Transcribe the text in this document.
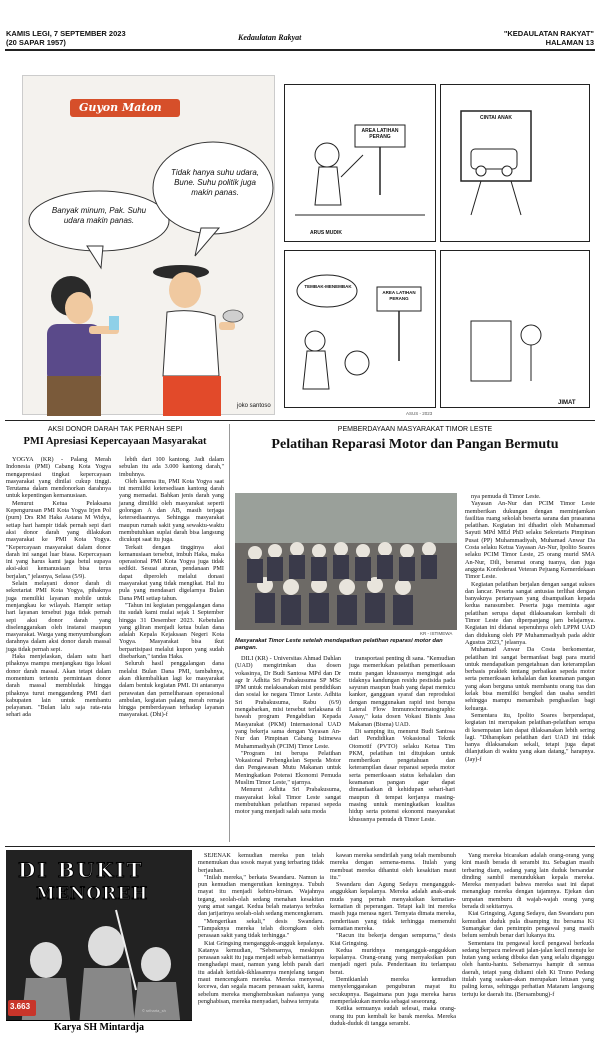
KAMIS LEGI, 7 SEPTEMBER 2023
(20 SAPAR 1957)
Kedaulatan Rakyat	"KEDAULATAN RAKYAT"
HALAMAN 13
Guyon Maton
Banyak minum, Pak. Suhu udara makin panas.
Tidak hanya suhu udara, Bune. Suhu politik juga makin panas.
joko santoso
AREA LATIHAN PERANG
CINTAI ANAK
TEMBAK-MENEMBAK
AREA LATIHAN PERANG
ARUS MUDIK
JIMAT
ASUS - 2023
AKSI DONOR DARAH TAK PERNAH SEPI
PMI Apresiasi Kepercayaan Masyarakat

YOGYA (KR) - Palang Merah Indonesia (PMI) Cabang Kota Yogya mengapresiasi tingkat kepercayaan masyarakat yang dinilai cukup tinggi. Terutama dalam mendonorkan darahnya untuk kepentingan kemanusiaan.

Menurut Ketua Pelaksana Kepengurusan PMI Kota Yogya Irjen Pol (purn) Drs RM Haka Astana M Widya, setiap hari hampir tidak pernah sepi dari aksi donor darah yang dilakukan masyarakat ke PMI Kota Yogya. "Kepercayaan masyarakat dalam donor darah ini sangat luar biasa. Kepercayaan ini yang harus kami jaga betul supaya aksi-aksi kemanusiaan bisa terus berjalan," jelasnya, Selasa (5/9).

Selain melayani donor darah di sekretariat PMI Kota Yogya, pihaknya juga memiliki layanan mobile untuk menjangkau ke wilayah. Hampir setiap hari layanan tersebut juga tidak pernah sepi aksi donor darah yang diselenggarakan oleh instansi maupun masyarakat. Warga yang menyumbangkan darahnya dalam aksi donor darah massal juga tidak pernah sepi.

Haka menjelaskan, dalam satu hari pihaknya mampu menjangkau tiga lokasi donor darah massal. Akan tetapi dalam momentum tertentu permintaan donor darah massal membludak hingga pihaknya turut menggandeng PMI dari kabupaten lain untuk membantu pelayanan. "Bulan lalu saja rata-rata sehari ada

lebih dari 100 kantong. Jadi dalam sebulan itu ada 3.000 kantong darah," imbuhnya.

Oleh karena itu, PMI Kota Yogya saat ini memiliki ketersediaan kantong darah yang memadai. Bahkan jenis darah yang jarang dimiliki oleh masyarakat seperti golongan A dan AB, masih terjaga ketersediaannya. Sehingga masyarakat maupun rumah sakit yang sewaktu-waktu membutuhkan suplai darah bisa langsung dicukupi saat itu juga.

Terkait dengan tingginya aksi kemanusiaan tersebut, imbuh Haka, maka operasional PMI Kota Yogya juga tidak sedikit. Sesuai aturan, pendanaan PMI dapat diperoleh melalui donasi masyarakat yang tidak mengikat. Hal itu pula yang mendasari digelarnya Bulan Dana PMI setiap tahun.

"Tahun ini kegiatan penggalangan dana itu sudah kami mulai sejak 1 September hingga 31 Desember 2023. Kebetulan yang giliran menjadi ketua bulan dana adalah Kepala Kejaksaan Negeri Kota Yogya. Masyarakat bisa ikut berpartisipasi melalui kupon yang sudah disebarkan," tandas Haka.

Seluruh hasil penggalangan dana melalui Bulan Dana PMI, tambahnya, akan dikembalikan lagi ke masyarakat dalam bentuk kegiatan PMI. Di antaranya perawatan dan pemeliharaan operasional ambulan, kegiatan palang merah remaja hingga pemberdayaan terhadap layanan masyarakat. (Dhi)-f

PEMBERDAYAAN MASYARAKAT TIMOR LESTE
Pelatihan Reparasi Motor dan Pangan Bermutu
KR - ISTIMEWA
Masyarakat Timor Leste setelah mendapatkan pelatihan reparasi motor dan pangan.

DILI (KR) - Universitas Ahmad Dahlan (UAD) mengirimkan dua dosen vokasinya, Dr Budi Santosa MPd dan Dr agr Ir Adhita Sri Prabakusuma SP MSc IPM untuk melaksanakan misi pendidikan dan sosial ke negara Timor Leste. Adhita Sri Prabakusuma, Rabu (6/9) mengabarkan, misi tersebut terlaksana di bawah program Pengabdian Kepada Masyarakat (PKM) Internasional UAD yang bekerja sama dengan Yayasan An-Nur dan Pimpinan Cabang Istimewa Muhammadiyah (PCIM) Timor Leste.

"Program ini berupa Pelatihan Vokasional Perbengkelan Sepeda Motor dan Pengawasan Mutu Makanan untuk Meningkatkan Potensi Ekonomi Pemuda Muslim Timor Leste," ujarnya.

Menurut Adhita Sri Prabakusuma, masyarakat lokal Timor Leste sangat membutuhkan pelatihan reparasi sepeda motor yang menjadi salah satu moda

transportasi penting di sana. "Kemudian juga memerlukan pelatihan pemeriksaan mutu pangan khususnya mengingat ada tidaknya kandungan residu pestisida pada sayuran maupun buah yang dapat memicu kanker, gangguan syaraf dan reproduksi dengan menggunakan rapid test berupa Lateral Flow Immunochromatographic Assay," kata dosen Vokasi Bisnis Jasa Makanan (Bisma) UAD.

Di samping itu, menurut Budi Santosa dari Pendidikan Vokasional Teknik Otomotif (PVTO) selaku Ketua Tim PKM, pelatihan ini ditujukan untuk memberikan pengetahuan dan keterampilan dasar reparasi sepeda motor serta pemeriksaan status kehalalan dan keamanan pangan agar dapat dimanfaatkan di kehidupan sehari-hari maupun di tempat kerjanya masing-masing untuk meningkatkan kualitas hidup serta potensi ekonomi masyarakat khususnya pemuda di Timor Leste.

nya pemuda di Timor Leste.

Yayasan An-Nur dan PCIM Timor Leste memberikan dukungan dengan meminjamkan fasilitas ruang sekolah beserta sarana dan prasarana pelatihan. Kegiatan ini dihadiri oleh Muhammad Sayuti MPd MEd PhD selaku Sekretaris Pimpinan Pusat (PP) Muhammadiyah, Muhamad Anwar Da Costa selaku Ketua Yayasan An-Nur, Ipolito Soares selaku PCIM Timor Leste, 25 orang murid SMA An-Nur, Dili, beramai orang tuanya, dan juga anggota Konfederasi Veteran Pejuang Kemerdekaan Timor Leste.

Kegiatan pelatihan berjalan dengan sangat sukses dan lancar. Peserta sangat antusias terlihat dengan banyaknya pertanyaan yang disampaikan kepada kedua narasumber. Peserta juga meminta agar pelatihan serupa dapat dilaksanakan kembali di Timor Leste dan diperpanjang jam belajarnya. Kegiatan ini didanai sepenuhnya oleh LPPM UAD dan didukung oleh PP Muhammadiyah pada akhir Agustus 2023," jelasnya.

Muhamad Anwar Da Costa berkomentar, pelatihan ini sangat bermanfaat bagi para murid untuk mendapatkan pengetahuan dan keterampilan berbasis praktek tentang perbaikan sepeda motor serta pemeriksaan kehalalan dan keamanan pangan yang akan berguna untuk membantu orang tua dan kelak bisa memiliki bengkel dan usaha sendiri sehingga mampu menambah penghasilan bagi keluarga.

Sementara itu, Ipolito Soares berpendapat, kegiatan ini merupakan pelatihan-pelatihan serupa di kesempatan lain dapat dilaksanakan lebih sering lagi. "Diharapkan pelatihan dari UAD ini tidak hanya dilaksanakan sekali, tetapi juga dapat dilanjutkan di waktu yang akan datang," harapnya. (Jay)-f

DI BUKIT
MENOREH
3.663	© sriharta_sh
Karya SH Mintardja

SEJENAK kemudian mereka pun telah menemukan dua sosok mayat yang terbaring tidak berjauhan.

"Inilah mereka," berkata Swandaru. Namun ia pun kemudian mengerutkan keningnya. Tubuh mayat itu menjadi kebiru-biruan. Wajahnya tegang, seolah-olah sedang menahan kesakitan yang amat sangat. Kedua belah matanya terbuka dan jarijarinya seolah-olah sedang mencengkeram.

"Mengerikan sekali," desis Swandaru. "Tampaknya mereka telah dicengkam oleh perasaan sakit yang tidak terhingga."

Kiai Gringsing mengangguk-angguk kepalanya. Katanya kemudian, "Sebenarnya, meskipun perasaan sakit itu juga menjadi sebab kematiannya menghadapi maut, namun yang lebih parah dari itu adalah ketidak-ikhlasannya menjelang tangan maut mencengkam mereka. Mereka menyesal, kecewa, dan segala macam perasaan sakit, karena sebelum mereka menghembuskan nafasnya yang penghabisan, mereka menyadari, bahwa ternyata

kawan mereka sendirilah yang telah membunuh mereka dengan semena-mena. Itulah yang membuat mereka dihantui oleh kesakitan maut itu."

Swandaru dan Agung Sedayu mengangguk-anggukkan kepalanya. Mereka adalah anak-anak muda yang pernah menyaksikan kematian-kematian di peperangan. Tetapi kali ini mereka masih juga merasa ngeri. Ternyata dimata mereka, penderitaan yang tidak terhingga memenuhi kematian mereka.

"Racun itu bekerja dengan sempurna," desis Kiai Gringsing.

Kedua muridnya mengangguk-anggukkan kepalanya. Orang-orang yang menyaksikan pun menjadi ngeri pula. Penderitaan itu terlampau berat.

Demikianlah mereka kemudian menyelenggarakan penguburan mayat itu secukupnya. Bagaimana pun juga mereka harus memperlakukan mereka sebagai seseorang.

Ketika semuanya sudah selesai, maka orang-orang itu pun kembali ke barak mereka. Mereka duduk-duduk di tangga serambi.

Yang mereka bicarakan adalah orang-orang yang kini masih berada di serambi itu. Sebagian masih terbaring diam, sedang yang lain duduk bersandar dinding sambil menundukkan kepala mereka. Mereka menyadari bahwa mereka saat ini dapat menangkap mereka dengan tajamnya. Ejekan dan umpatan memburu di wajah-wajah orang yang berada di sekitarnya.

Kiai Gringsing, Agung Sedayu, dan Swandaru pun kemudian duduk pula disamping itu bersama Ki Sumangkar dan pemimpin pengawal yang masih belum sembuh benar dari lukanya itu.

Sementara itu pengawal kecil pengawal berkuda sedang berpacu melewati jalan-jalan kecil menuju ke hutan yang sedang dibuka dan yang selalu diganggu oleh hantu-hantu. Sebenarnya hampir di semua daerah, tetapi yang didiami oleh Ki Truno Pedang itulah yang seakan-akan merupakan letusan yang paling keras, sehingga perhatian Mataram langsung tertuju ke daerah itu. (Bersambung)-f
